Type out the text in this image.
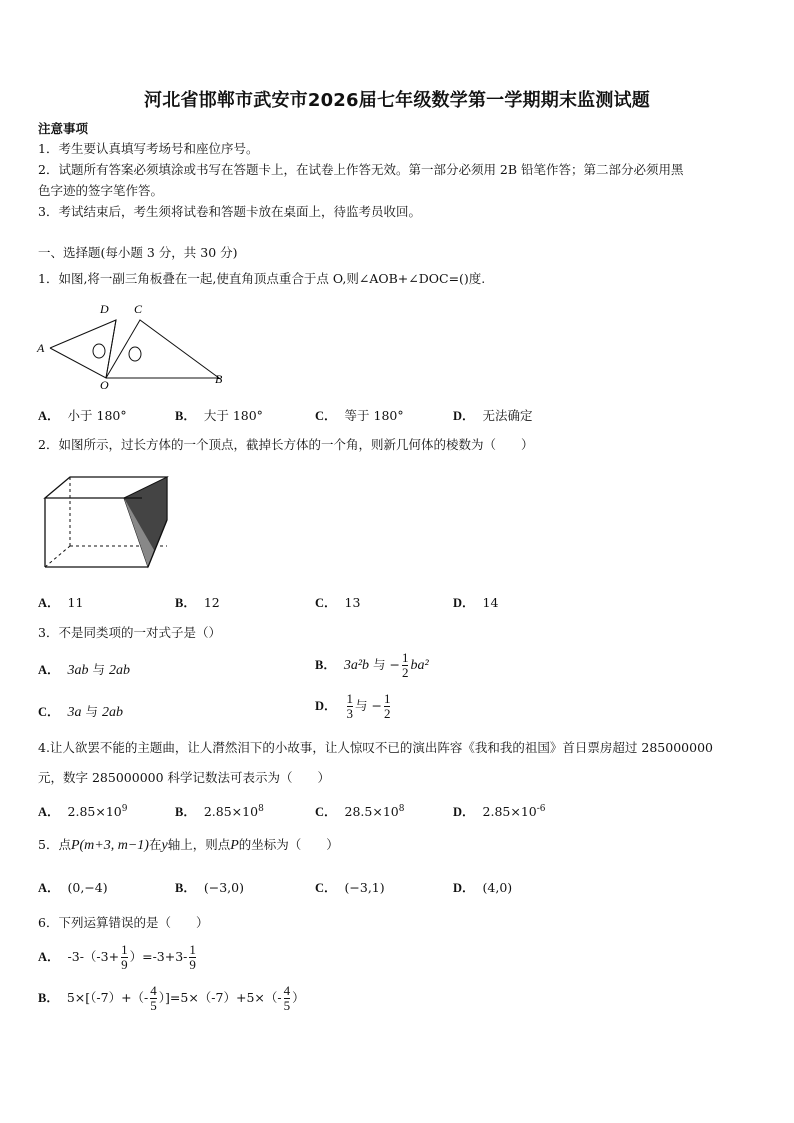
河北省邯郸市武安市2026届七年级数学第一学期期末监测试题
注意事项
1．考生要认真填写考场号和座位序号。
2．试题所有答案必须填涂或书写在答题卡上，在试卷上作答无效。第一部分必须用 2B 铅笔作答；第二部分必须用黑
色字迹的签字笔作答。
3．考试结束后，考生须将试卷和答题卡放在桌面上，待监考员收回。
一、选择题(每小题 3 分，共 30 分)
1．如图,将一副三角板叠在一起,使直角顶点重合于点 O,则∠AOB+∠DOC=()度.
D C
A
O	B
A． 小于 180°	B． 大于 180°	C． 等于 180°	D． 无法确定
2．如图所示，过长方体的一个顶点，截掉长方体的一个角，则新几何体的棱数为（　　）
A． 11	B． 12	C． 13	D． 14
3．不是同类项的一对式子是（）
A． 3ab 与 2ab	B． 3a²b 与 − $\frac{1}{2} ba^2$
C． 3a 与 2ab	D． $\frac{1}{3}$ 与 − $\frac{1}{2}$
4.让人欲罢不能的主题曲，让人潸然泪下的小故事，让人惊叹不已的演出阵容《我和我的祖国》首日票房超过 285000000
元，数字 285000000 科学记数法可表示为（　　）
A． $2.85\times 10^9$	B． $2.85\times 10^8$	C． $28.5\times 10^8$	D． $2.85\times 10^{-6}$
5．点P(m+3, m−1)在y轴上，则点P的坐标为（　　）
A． (0,−4)	B． (−3,0)	C． (−3,1)	D． (4,0)
6．下列运算错误的是（　　）
A． $-3-(-3+ \frac{1}{9} )=-3+3- \frac{1}{9}$
B． $5\times[(-7)+(- \frac{4}{5} )]=5\times(-7)+5\times(- \frac{4}{5}$ ）
